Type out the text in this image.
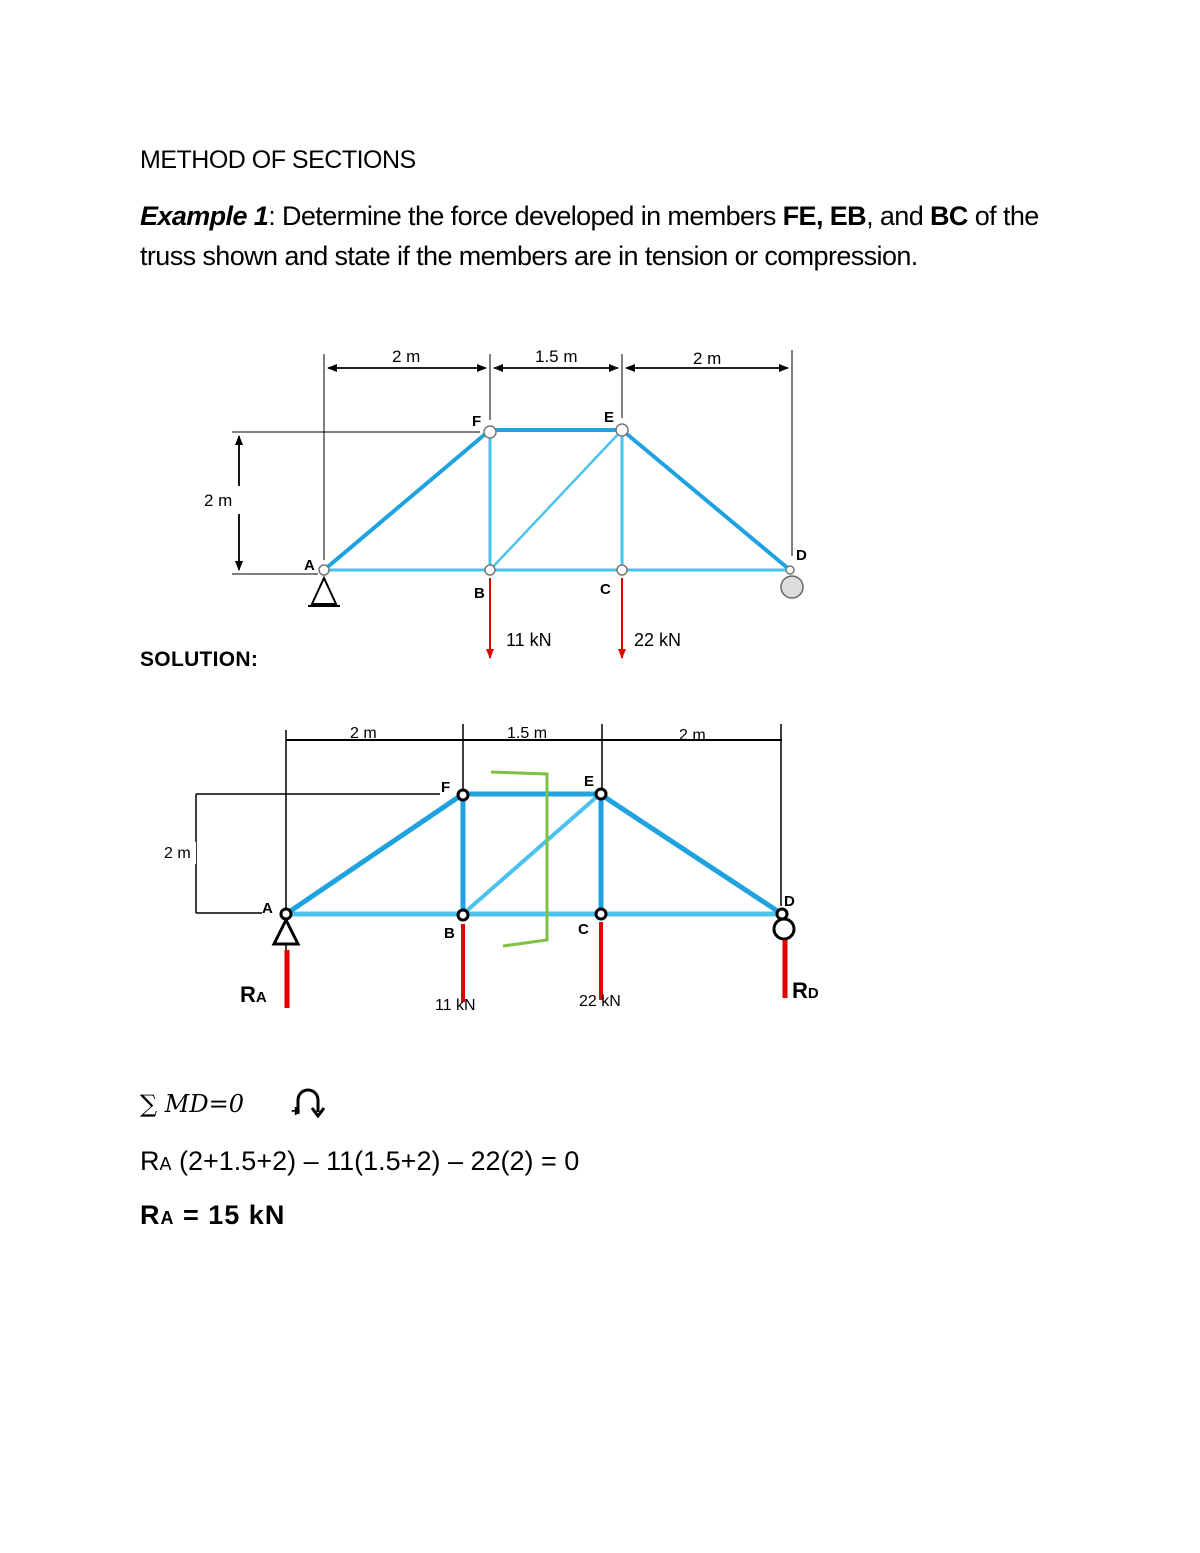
METHOD OF SECTIONS
Example 1: Determine the force developed in members FE, EB, and BC of the truss shown and state if the members are in tension or compression.
2 m	1.5 m	2 m
2 m
A
B	C
D
E
F
11 kN	22 kN
SOLUTION:
2 m	1.5 m	2 m
2 m
A
B	C
D
E
F
11 kN	22 kN
RA	RD
∑ MD=0	+
RA (2+1.5+2) – 11(1.5+2) – 22(2) = 0
RA = 15 kN
